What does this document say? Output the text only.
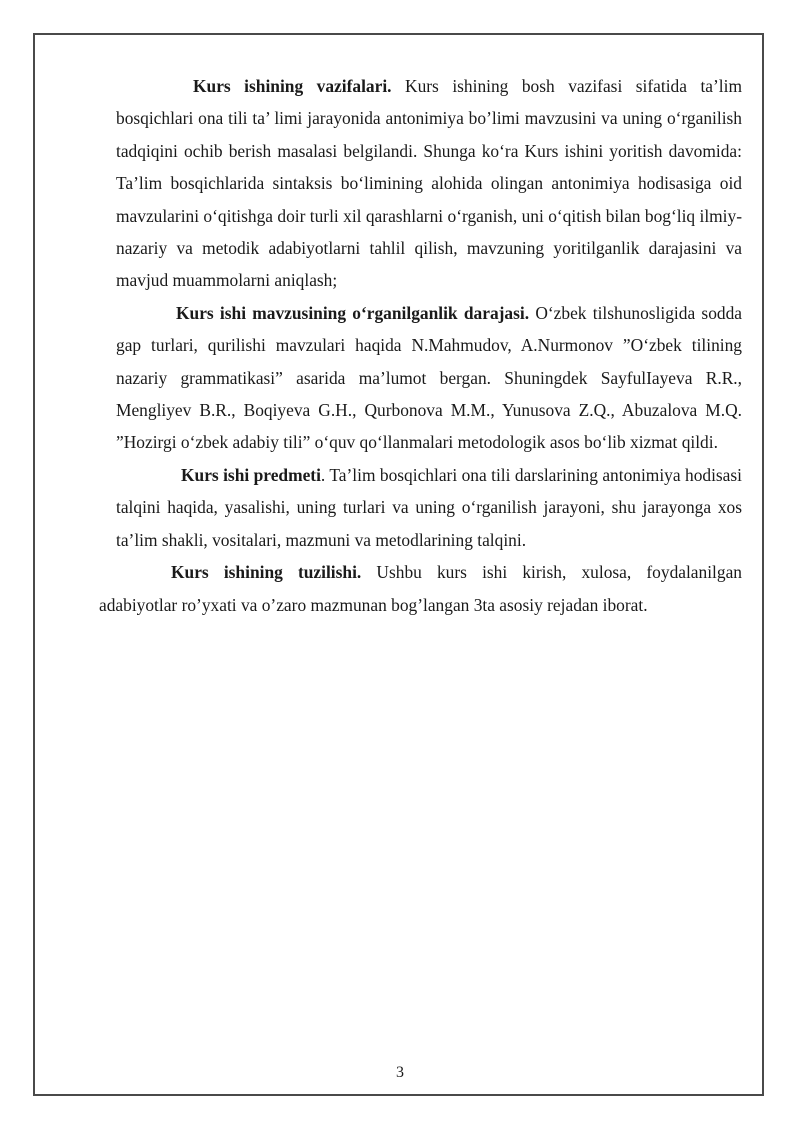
Kurs ishining vazifalari. Kurs ishining bosh vazifasi sifatida ta’lim bosqichlari ona tili ta’ limi jarayonida antonimiya bo’limi mavzusini va uning o‘rganilish tadqiqini ochib berish masalasi belgilandi. Shunga ko‘ra Kurs ishini yoritish davomida: Ta’lim bosqichlarida sintaksis bo‘limining alohida olingan antonimiya hodisasiga oid mavzularini o‘qitishga doir turli xil qarashlarni o‘rganish, uni o‘qitish bilan bog‘liq ilmiy-nazariy va metodik adabiyotlarni tahlil qilish, mavzuning yoritilganlik darajasini va mavjud muammolarni aniqlash;

Kurs ishi mavzusining o‘rganilganlik darajasi. O‘zbek tilshunosligida sodda gap turlari, qurilishi mavzulari haqida N.Mahmudov, A.Nurmonov ”O‘zbek tilining nazariy grammatikasi” asarida ma’lumot bergan. Shuningdek SayfulIayeva R.R., Mengliyev B.R., Boqiyeva G.H., Qurbonova M.M., Yunusova Z.Q., Abuzalova M.Q. ”Hozirgi o‘zbek adabiy tili” o‘quv qo‘llanmalari metodologik asos bo‘lib xizmat qildi.

Kurs ishi predmeti. Ta’lim bosqichlari ona tili darslarining antonimiya hodisasi talqini haqida, yasalishi, uning turlari va uning o‘rganilish jarayoni, shu jarayonga xos ta’lim shakli, vositalari, mazmuni va metodlarining talqini.

Kurs ishining tuzilishi. Ushbu kurs ishi kirish, xulosa, foydalanilgan

adabiyotlar ro’yxati va o’zaro mazmunan bog’langan 3ta asosiy rejadan iborat.

3
